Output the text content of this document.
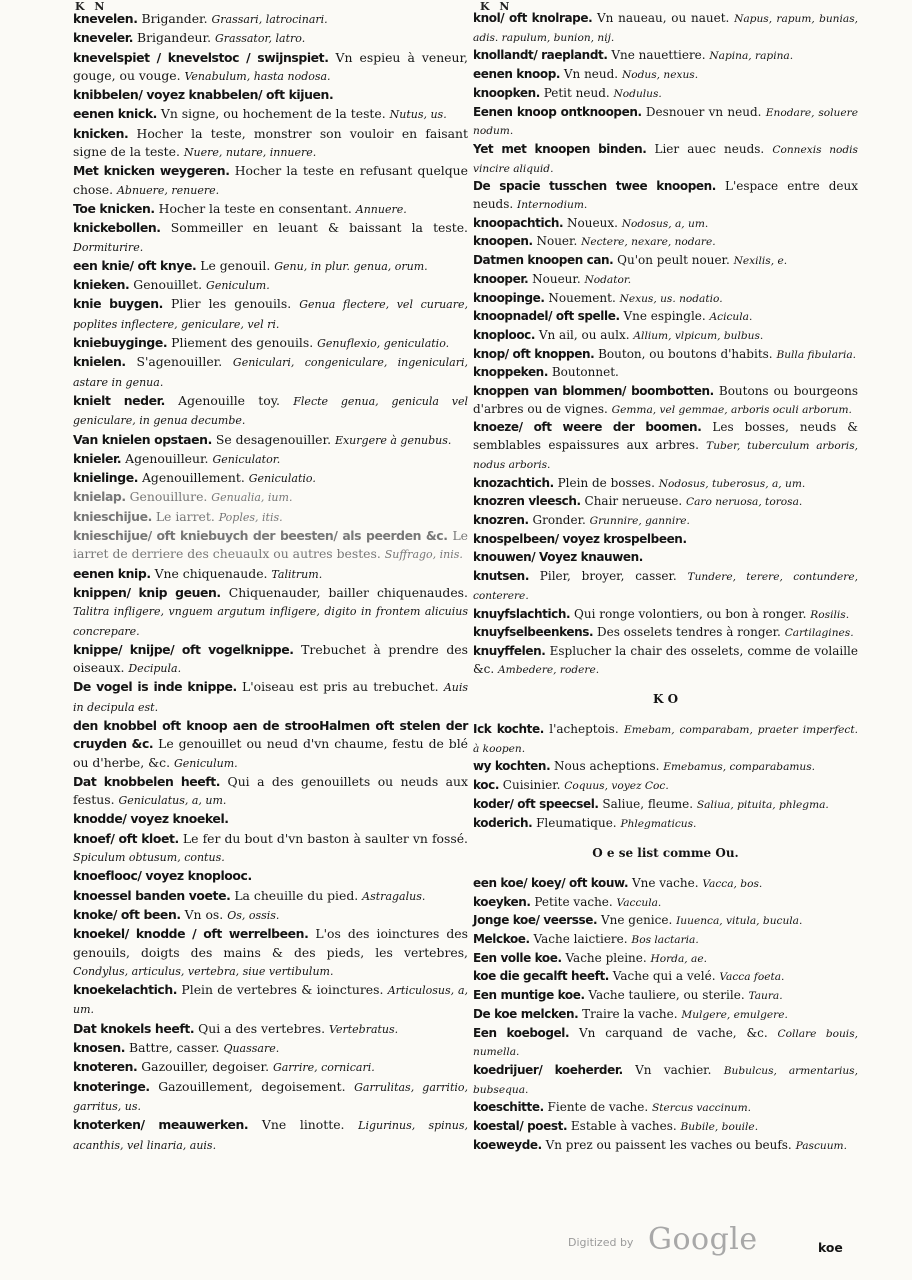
K N	K N

knevelen. Brigander. Grassari, latrocinari.

kneveler. Brigandeur. Grassator, latro.

knevelspiet / knevelstoc / swijnspiet. Vn espieu à veneur, gouge, ou vouge. Venabulum, hasta nodosa.

knibbelen/ voyez knabbelen/ oft kijuen.

eenen knick. Vn signe, ou hochement de la teste. Nutus, us.

knicken. Hocher la teste, monstrer son vouloir en faisant signe de la teste. Nuere, nutare, innuere.

Met knicken weygeren. Hocher la teste en refusant quelque chose. Abnuere, renuere.

Toe knicken. Hocher la teste en consentant. Annuere.

knickebollen. Sommeiller en leuant & baissant la teste. Dormiturire.

een knie/ oft knye. Le genouil. Genu, in plur. genua, orum.

knieken. Genouillet. Geniculum.

knie buygen. Plier les genouils. Genua flectere, vel curuare, poplites inflectere, geniculare, vel ri.

kniebuyginge. Pliement des genouils. Genuflexio, geniculatio.

knielen. S'agenouiller. Geniculari, congeniculare, ingeniculari, astare in genua.

knielt neder. Agenouille toy. Flecte genua, genicula vel geniculare, in genua decumbe.

Van knielen opstaen. Se desagenouiller. Exurgere à genubus.

knieler. Agenouilleur. Geniculator.

knielinge. Agenouillement. Geniculatio.

knielap. Genouillure. Genualia, ium.

knieschijue. Le iarret. Poples, itis.

knieschijue/ oft kniebuych der beesten/ als peerden &c. Le iarret de derriere des cheuaulx ou autres bestes. Suffrago, inis.

eenen knip. Vne chiquenaude. Talitrum.

knippen/ knip geuen. Chiquenauder, bailler chiquenaudes. Talitra infligere, vnguem argutum infligere, digito in frontem alicuius concrepare.

knippe/ knijpe/ oft vogelknippe. Trebuchet à prendre des oiseaux. Decipula.

De vogel is inde knippe. L'oiseau est pris au trebuchet. Auis in decipula est.

den knobbel oft knoop aen de strooHalmen oft stelen der cruyden &c. Le genouillet ou neud d'vn chaume, festu de blé ou d'herbe, &c. Geniculum.

Dat knobbelen heeft. Qui a des genouillets ou neuds aux festus. Geniculatus, a, um.

knodde/ voyez knoekel.

knoef/ oft kloet. Le fer du bout d'vn baston à saulter vn fossé. Spiculum obtusum, contus.

knoeflooc/ voyez knoplooc.

knoessel banden voete. La cheuille du pied. Astragalus.

knoke/ oft been. Vn os. Os, ossis.

knoekel/ knodde / oft werrelbeen. L'os des ioinctures des genouils, doigts des mains & des pieds, les vertebres, Condylus, articulus, vertebra, siue vertibulum.

knoekelachtich. Plein de vertebres & ioinctures. Articulosus, a, um.

Dat knokels heeft. Qui a des vertebres. Vertebratus.

knosen. Battre, casser. Quassare.

knoteren. Gazouiller, degoiser. Garrire, cornicari.

knoteringe. Gazouillement, degoisement. Garrulitas, garritio, garritus, us.

knoterken/ meauwerken. Vne linotte. Ligurinus, spinus, acanthis, vel linaria, auis.

knol/ oft knolrape. Vn naueau, ou nauet. Napus, rapum, bunias, adis. rapulum, bunion, nij.

knollandt/ raeplandt. Vne nauettiere. Napina, rapina.

eenen knoop. Vn neud. Nodus, nexus.

knoopken. Petit neud. Nodulus.

Eenen knoop ontknoopen. Desnouer vn neud. Enodare, soluere nodum.

Yet met knoopen binden. Lier auec neuds. Connexis nodis vincire aliquid.

De spacie tusschen twee knoopen. L'espace entre deux neuds. Internodium.

knoopachtich. Noueux. Nodosus, a, um.

knoopen. Nouer. Nectere, nexare, nodare.

Datmen knoopen can. Qu'on peult nouer. Nexilis, e.

knooper. Noueur. Nodator.

knoopinge. Nouement. Nexus, us. nodatio.

knoopnadel/ oft spelle. Vne espingle. Acicula.

knoplooc. Vn ail, ou aulx. Allium, vlpicum, bulbus.

knop/ oft knoppen. Bouton, ou boutons d'habits. Bulla fibularia.

knoppeken. Boutonnet.

knoppen van blommen/ boombotten. Boutons ou bourgeons d'arbres ou de vignes. Gemma, vel gemmae, arboris oculi arborum.

knoeze/ oft weere der boomen. Les bosses, neuds & semblables espaissures aux arbres. Tuber, tuberculum arboris, nodus arboris.

knozachtich. Plein de bosses. Nodosus, tuberosus, a, um.

knozren vleesch. Chair nerueuse. Caro neruosa, torosa.

knozren. Gronder. Grunnire, gannire.

knospelbeen/ voyez krospelbeen.

knouwen/ Voyez knauwen.

knutsen. Piler, broyer, casser. Tundere, terere, contundere, conterere.

knuyfslachtich. Qui ronge volontiers, ou bon à ronger. Rosilis.

knuyfselbeenkens. Des osselets tendres à ronger. Cartilagines.

knuyffelen. Esplucher la chair des osselets, comme de volaille &c. Ambedere, rodere.

K O

Ick kochte. l'acheptois. Emebam, comparabam, praeter imperfect. à koopen.

wy kochten. Nous acheptions. Emebamus, comparabamus.

koc. Cuisinier. Coquus, voyez Coc.

koder/ oft speecsel. Saliue, fleume. Saliua, pituita, phlegma.

koderich. Fleumatique. Phlegmaticus.

O e se list comme Ou.

een koe/ koey/ oft kouw. Vne vache. Vacca, bos.

koeyken. Petite vache. Vaccula.

Jonge koe/ veersse. Vne genice. Iuuenca, vitula, bucula.

Melckoe. Vache laictiere. Bos lactaria.

Een volle koe. Vache pleine. Horda, ae.

koe die gecalft heeft. Vache qui a velé. Vacca foeta.

Een muntige koe. Vache tauliere, ou sterile. Taura.

De koe melcken. Traire la vache. Mulgere, emulgere.

Een koebogel. Vn carquand de vache, &c. Collare bouis, numella.

koedrijuer/ koeherder. Vn vachier. Bubulcus, armentarius, bubsequa.

koeschitte. Fiente de vache. Stercus vaccinum.

koestal/ poest. Estable à vaches. Bubile, bouile.

koeweyde. Vn prez ou paissent les vaches ou beufs. Pascuum.

koe
Digitized by Google
